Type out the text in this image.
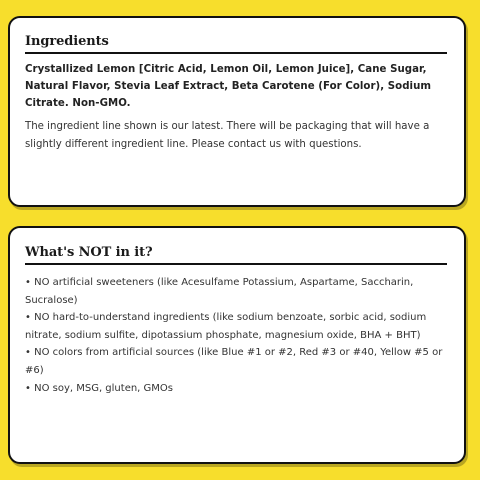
Ingredients

Crystallized Lemon [Citric Acid, Lemon Oil, Lemon Juice], Cane Sugar, Natural Flavor, Stevia Leaf Extract, Beta Carotene (For Color), Sodium Citrate. Non-GMO.

The ingredient line shown is our latest. There will be packaging that will have a slightly different ingredient line. Please contact us with questions.

What's NOT in it?
• NO artificial sweeteners (like Acesulfame Potassium, Aspartame, Saccharin, Sucralose)
• NO hard-to-understand ingredients (like sodium benzoate, sorbic acid, sodium nitrate, sodium sulfite, dipotassium phosphate, magnesium oxide, BHA + BHT)
• NO colors from artificial sources (like Blue #1 or #2, Red #3 or #40, Yellow #5 or #6)
• NO soy, MSG, gluten, GMOs
